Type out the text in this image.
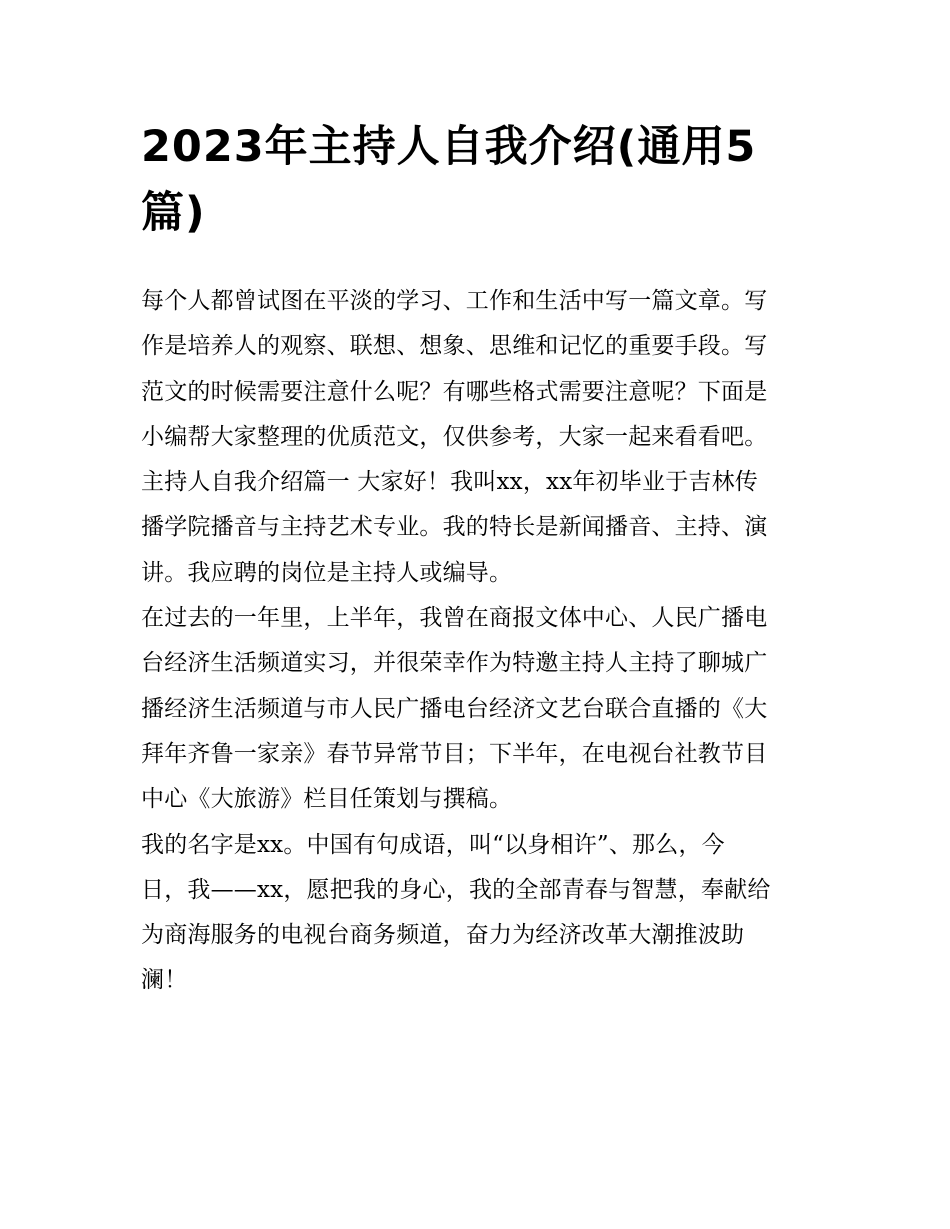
2023年主持人自我介绍(通用5篇)

每个人都曾试图在平淡的学习、工作和生活中写一篇文章。写
作是培养人的观察、联想、想象、思维和记忆的重要手段。写
范文的时候需要注意什么呢？有哪些格式需要注意呢？下面是
小编帮大家整理的优质范文，仅供参考，大家一起来看看吧。

主持人自我介绍篇一 大家好！我叫xx，xx年初毕业于吉林传
播学院播音与主持艺术专业。我的特长是新闻播音、主持、演
讲。我应聘的岗位是主持人或编导。

在过去的一年里，上半年，我曾在商报文体中心、人民广播电
台经济生活频道实习，并很荣幸作为特邀主持人主持了聊城广
播经济生活频道与市人民广播电台经济文艺台联合直播的《大
拜年齐鲁一家亲》春节异常节目；下半年，在电视台社教节目
中心《大旅游》栏目任策划与撰稿。

我的名字是xx。中国有句成语，叫“以身相许”、那么，今
日，我——xx，愿把我的身心，我的全部青春与智慧，奉献给
为商海服务的电视台商务频道，奋力为经济改革大潮推波助
澜！
